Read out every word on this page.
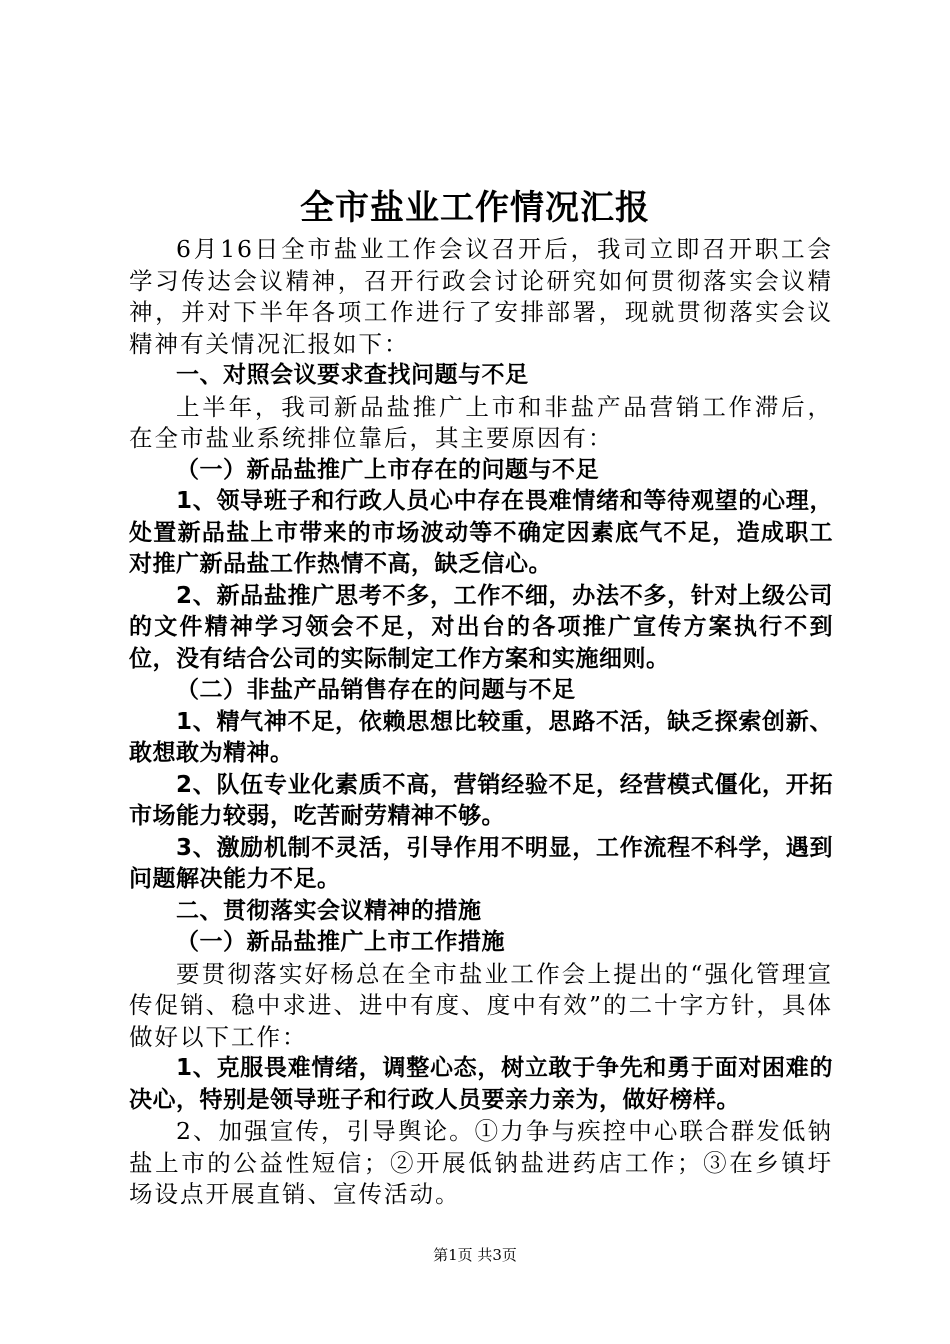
全市盐业工作情况汇报

6月16日全市盐业工作会议召开后，我司立即召开职工会学习传达会议精神，召开行政会讨论研究如何贯彻落实会议精神，并对下半年各项工作进行了安排部署，现就贯彻落实会议精神有关情况汇报如下：

一、对照会议要求查找问题与不足

上半年，我司新品盐推广上市和非盐产品营销工作滞后，在全市盐业系统排位靠后，其主要原因有：

（一）新品盐推广上市存在的问题与不足

1、领导班子和行政人员心中存在畏难情绪和等待观望的心理，处置新品盐上市带来的市场波动等不确定因素底气不足，造成职工对推广新品盐工作热情不高，缺乏信心。

2、新品盐推广思考不多，工作不细，办法不多，针对上级公司的文件精神学习领会不足，对出台的各项推广宣传方案执行不到位，没有结合公司的实际制定工作方案和实施细则。

（二）非盐产品销售存在的问题与不足

1、精气神不足，依赖思想比较重，思路不活，缺乏探索创新、敢想敢为精神。

2、队伍专业化素质不高，营销经验不足，经营模式僵化，开拓市场能力较弱，吃苦耐劳精神不够。

3、激励机制不灵活，引导作用不明显，工作流程不科学，遇到问题解决能力不足。

二、贯彻落实会议精神的措施

（一）新品盐推广上市工作措施

要贯彻落实好杨总在全市盐业工作会上提出的“强化管理宣传促销、稳中求进、进中有度、度中有效”的二十字方针，具体做好以下工作：

1、克服畏难情绪，调整心态，树立敢于争先和勇于面对困难的决心，特别是领导班子和行政人员要亲力亲为，做好榜样。

2、加强宣传，引导舆论。①力争与疾控中心联合群发低钠盐上市的公益性短信；②开展低钠盐进药店工作；③在乡镇圩场设点开展直销、宣传活动。

第1页 共3页
